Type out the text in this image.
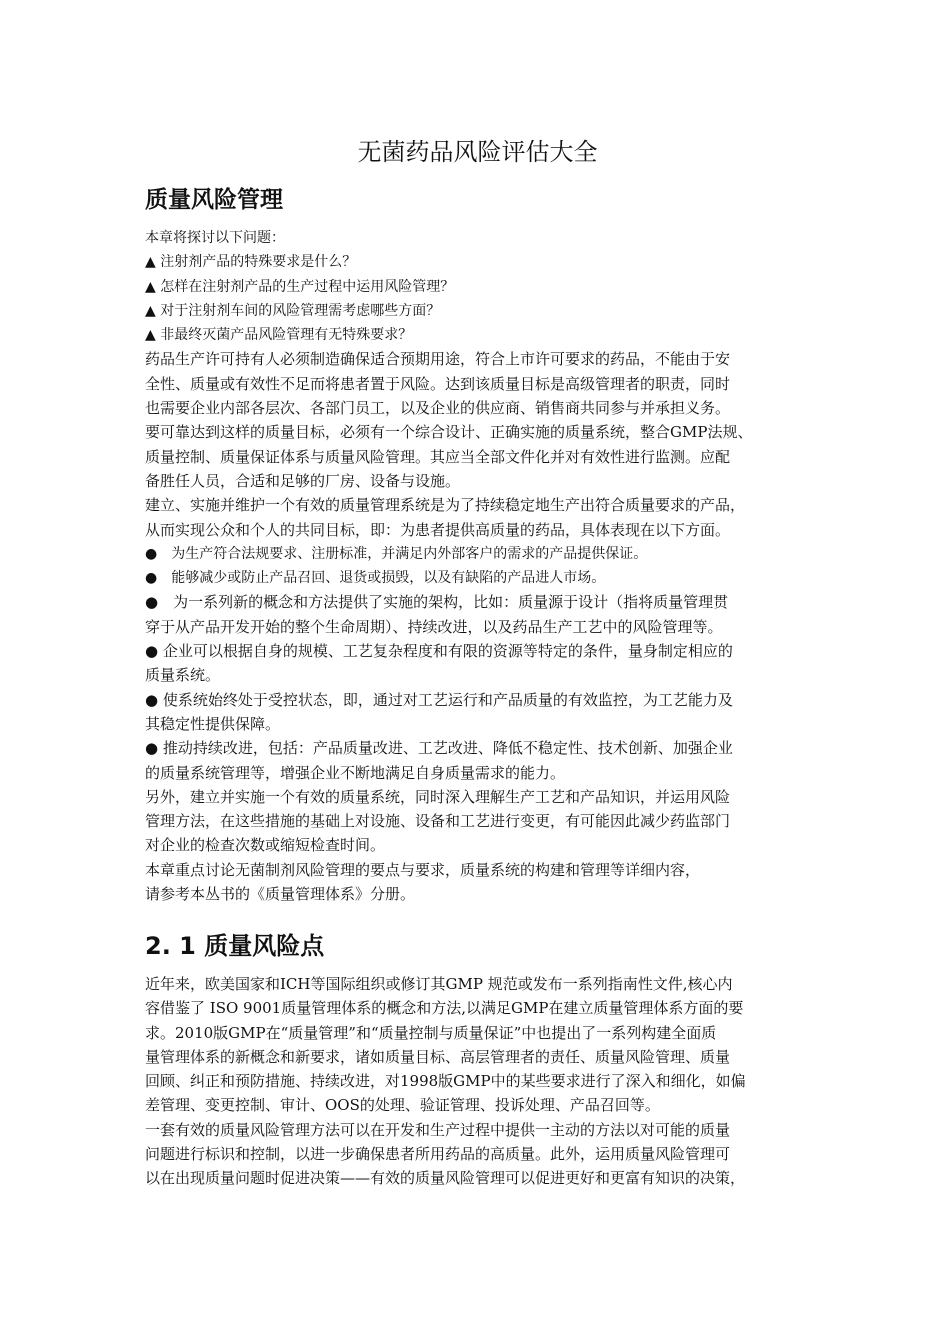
无菌药品风险评估大全
质量风险管理
本章将探讨以下问题：
▲ 注射剂产品的特殊要求是什么？
▲ 怎样在注射剂产品的生产过程中运用风险管理？
▲ 对于注射剂车间的风险管理需考虑哪些方面？
▲ 非最终灭菌产品风险管理有无特殊要求？
药品生产许可持有人必须制造确保适合预期用途，符合上市许可要求的药品，不能由于安
全性、质量或有效性不足而将患者置于风险。达到该质量目标是高级管理者的职责，同时
也需要企业内部各层次、各部门员工，以及企业的供应商、销售商共同参与并承担义务。
要可靠达到这样的质量目标，必须有一个综合设计、正确实施的质量系统，整合GMP法规、
质量控制、质量保证体系与质量风险管理。其应当全部文件化并对有效性进行监测。应配
备胜任人员，合适和足够的厂房、设备与设施。
建立、实施并维护一个有效的质量管理系统是为了持续稳定地生产出符合质量要求的产品，
从而实现公众和个人的共同目标，即：为患者提供高质量的药品，具体表现在以下方面。
●　为生产符合法规要求、注册标准，并满足内外部客户的需求的产品提供保证。
●　能够减少或防止产品召回、退货或损毁，以及有缺陷的产品进人市场。
●　为一系列新的概念和方法提供了实施的架构，比如：质量源于设计（指将质量管理贯
穿于从产品开发开始的整个生命周期）、持续改进，以及药品生产工艺中的风险管理等。
● 企业可以根据自身的规模、工艺复杂程度和有限的资源等特定的条件，量身制定相应的
质量系统。
● 使系统始终处于受控状态，即，通过对工艺运行和产品质量的有效监控，为工艺能力及
其稳定性提供保障。
● 推动持续改进，包括：产品质量改进、工艺改进、降低不稳定性、技术创新、加强企业
的质量系统管理等，增强企业不断地满足自身质量需求的能力。
另外，建立并实施一个有效的质量系统，同时深入理解生产工艺和产品知识，并运用风险
管理方法，在这些措施的基础上对设施、设备和工艺进行变更，有可能因此减少药监部门
对企业的检查次数或缩短检查时间。
本章重点讨论无菌制剂风险管理的要点与要求，质量系统的构建和管理等详细内容，
请参考本丛书的《质量管理体系》分册。
2. 1 质量风险点
近年来，欧美国家和ICH等国际组织或修订其GMP 规范或发布一系列指南性文件,核心内
容借鉴了 ISO 9001质量管理体系的概念和方法,以满足GMP在建立质量管理体系方面的要
求。2010版GMP在“质量管理”和“质量控制与质量保证”中也提出了一系列构建全面质
量管理体系的新概念和新要求，诸如质量目标、高层管理者的责任、质量风险管理、质量
回顾、纠正和预防措施、持续改进，对1998版GMP中的某些要求进行了深入和细化，如偏
差管理、变更控制、审计、OOS的处理、验证管理、投诉处理、产品召回等。
一套有效的质量风险管理方法可以在开发和生产过程中提供一主动的方法以对可能的质量
问题进行标识和控制，以进一步确保患者所用药品的高质量。此外，运用质量风险管理可
以在出现质量问题时促进决策——有效的质量风险管理可以促进更好和更富有知识的决策，
